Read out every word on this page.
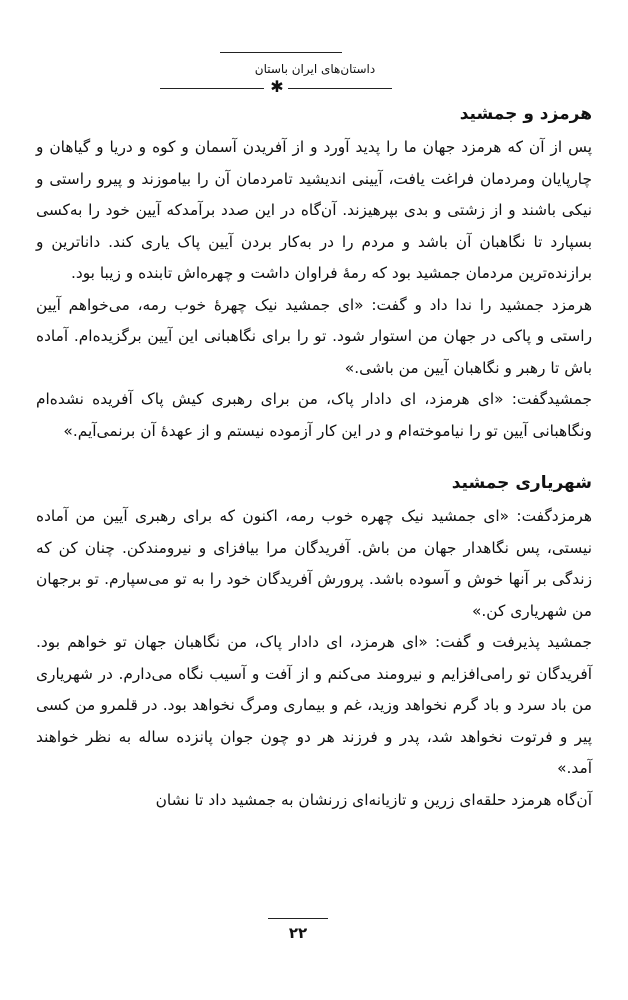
داستان‌های ایران باستان
✱
هرمزد و جمشید

پس از آن که هرمزد جهان ما را پدید آورد و از آفریدن آسمان و کوه و دریا و گیاهان و چارپایان ومردمان فراغت یافت، آیینی اندیشید تامردمان آن را بیاموزند و پیرو راستی و نیکی باشند و از زشتی و بدی بپرهیزند. آن‌گاه در این صدد برآمدکه آیین خود را به‌کسی بسپارد تا نگاهبان آن باشد و مردم را در به‌کار بردن آیین پاک یاری کند. داناترین و برازنده‌ترین مردمان جمشید بود که رمهٔ فراوان داشت و چهره‌اش تابنده و زیبا بود.

هرمزد جمشید را ندا داد و گفت: «ای جمشید نیک چهرهٔ خوب رمه، می‌خواهم آیین راستی و پاکی در جهان من استوار شود. تو را برای نگاهبانی این آیین برگزیده‌ام. آماده باش تا رهبر و نگاهبان آیین من باشی.»

جمشیدگفت: «ای هرمزد، ای دادار پاک، من برای رهبری کیش پاک آفریده نشده‌ام ونگاهبانی آیین تو را نیاموخته‌ام و در این کار آزموده نیستم و از عهدهٔ آن برنمی‌آیم.»

شهریاری جمشید

هرمزدگفت: «ای جمشید نیک چهره خوب رمه، اکنون که برای رهبری آیین من آماده نیستی، پس نگاهدار جهان من باش. آفریدگان مرا بیافزای و نیرومندکن. چنان کن که زندگی بر آنها خوش و آسوده باشد. پرورش آفریدگان خود را به تو می‌سپارم. تو برجهان من شهریاری کن.»

جمشید پذیرفت و گفت: «ای هرمزد، ای دادار پاک، من نگاهبان جهان تو خواهم بود. آفریدگان تو رامی‌افزایم و نیرومند می‌کنم و از آفت و آسیب نگاه می‌دارم. در شهریاری من باد سرد و باد گرم نخواهد وزید، غم و بیماری ومرگ نخواهد بود. در قلمرو من کسی پیر و فرتوت نخواهد شد، پدر و فرزند هر دو چون جوان پانزده ساله به نظر خواهند آمد.»

آن‌گاه هرمزد حلقه‌ای زرین و تازیانه‌ای زرنشان به جمشید داد تا نشان

۲۲
